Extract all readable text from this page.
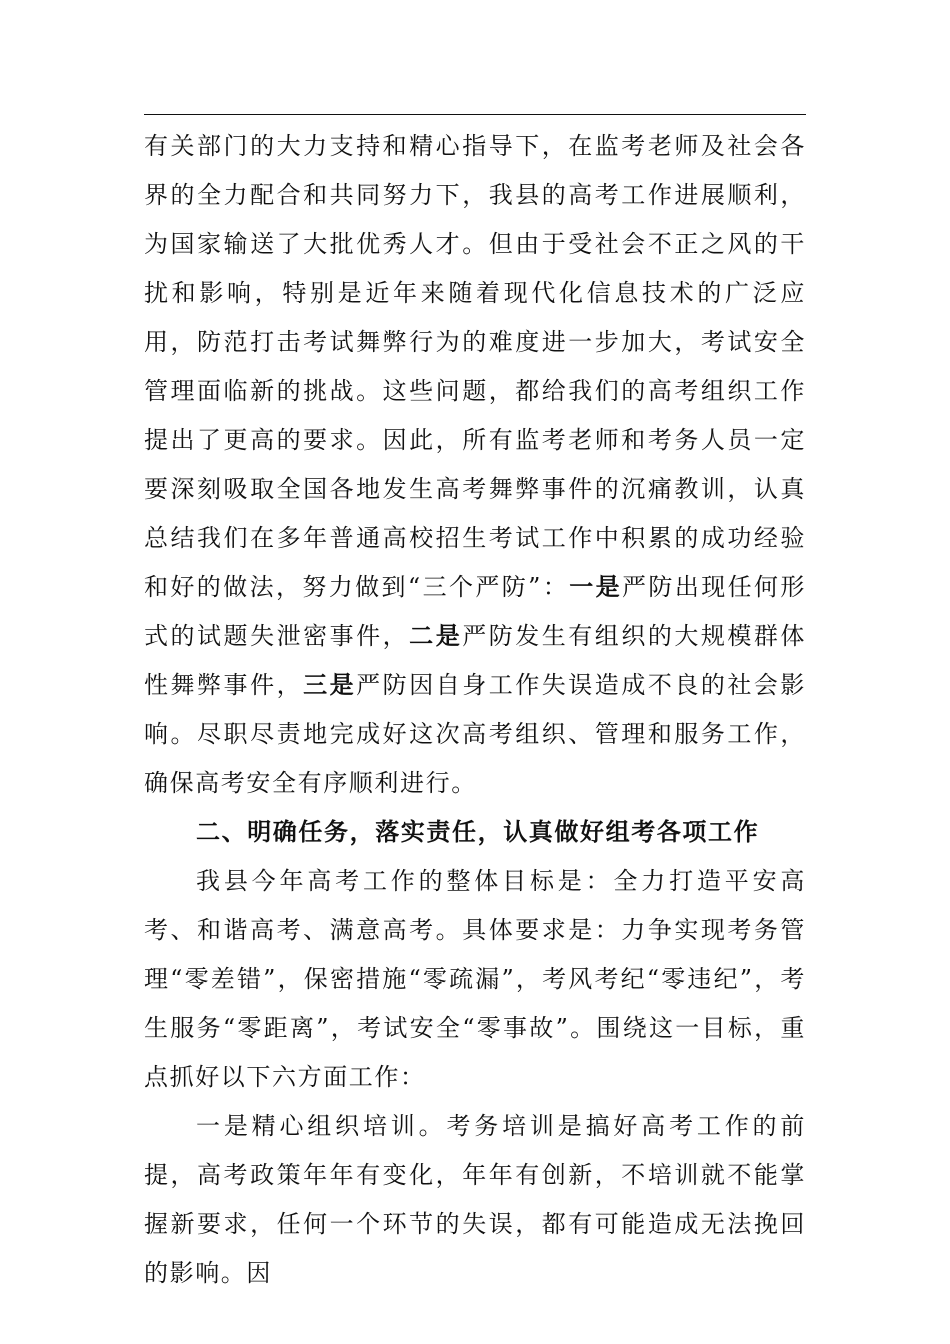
有关部门的大力支持和精心指导下，在监考老师及社会各界的全力配合和共同努力下，我县的高考工作进展顺利，为国家输送了大批优秀人才。但由于受社会不正之风的干扰和影响，特别是近年来随着现代化信息技术的广泛应用，防范打击考试舞弊行为的难度进一步加大，考试安全管理面临新的挑战。这些问题，都给我们的高考组织工作提出了更高的要求。因此，所有监考老师和考务人员一定要深刻吸取全国各地发生高考舞弊事件的沉痛教训，认真总结我们在多年普通高校招生考试工作中积累的成功经验和好的做法，努力做到“三个严防”：一是严防出现任何形式的试题失泄密事件，二是严防发生有组织的大规模群体性舞弊事件，三是严防因自身工作失误造成不良的社会影响。尽职尽责地完成好这次高考组织、管理和服务工作，确保高考安全有序顺利进行。

二、明确任务，落实责任，认真做好组考各项工作

我县今年高考工作的整体目标是：全力打造平安高考、和谐高考、满意高考。具体要求是：力争实现考务管理“零差错”，保密措施“零疏漏”，考风考纪“零违纪”，考生服务“零距离”，考试安全“零事故”。围绕这一目标，重点抓好以下六方面工作：

一是精心组织培训。考务培训是搞好高考工作的前提，高考政策年年有变化，年年有创新，不培训就不能掌握新要求，任何一个环节的失误，都有可能造成无法挽回的影响。因
